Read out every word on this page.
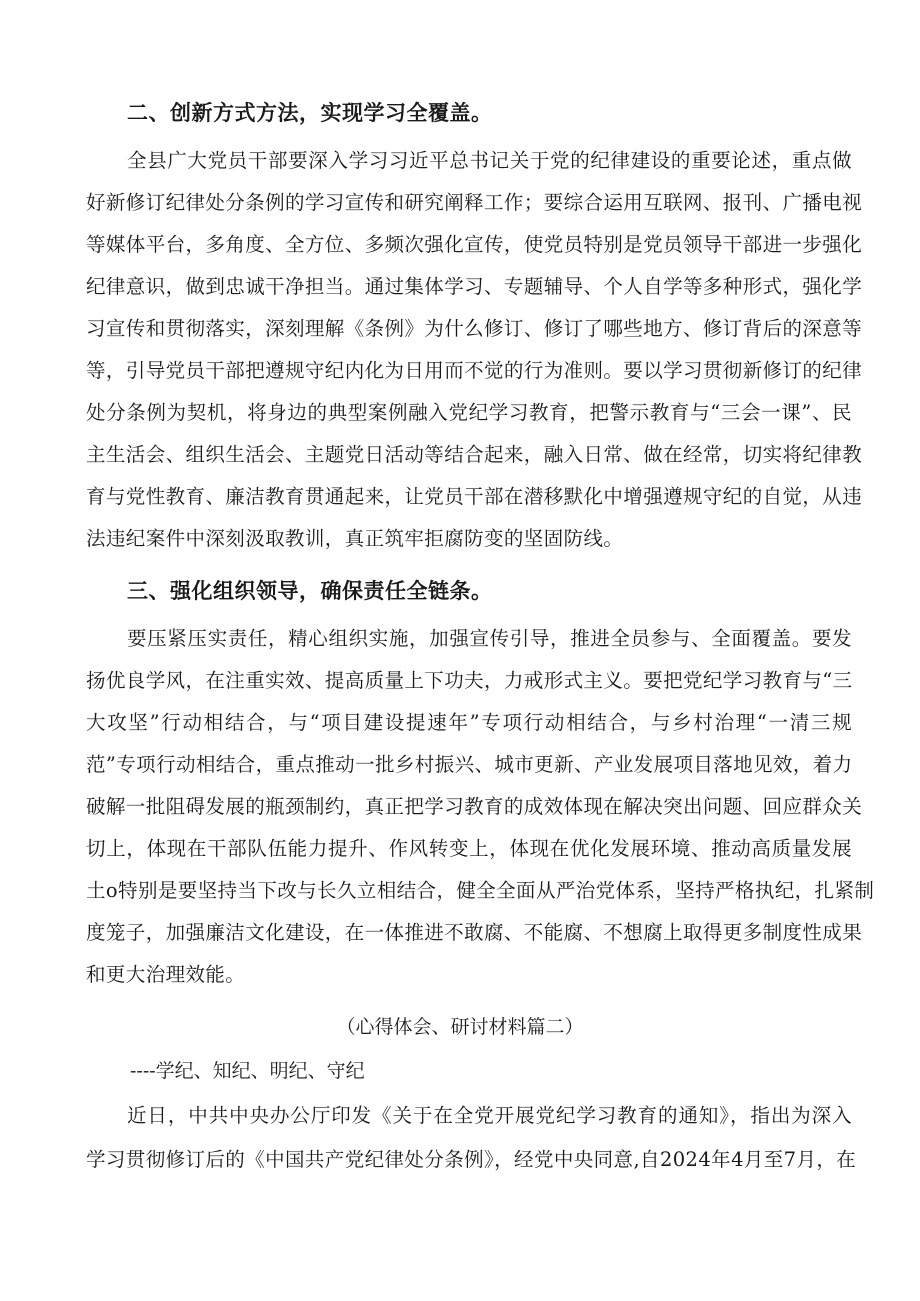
二、创新方式方法，实现学习全覆盖。
全县广大党员干部要深入学习习近平总书记关于党的纪律建设的重要论述，重点做
好新修订纪律处分条例的学习宣传和研究阐释工作；要综合运用互联网、报刊、广播电视
等媒体平台，多角度、全方位、多频次强化宣传，使党员特别是党员领导干部进一步强化
纪律意识，做到忠诚干净担当。通过集体学习、专题辅导、个人自学等多种形式，强化学
习宣传和贯彻落实，深刻理解《条例》为什么修订、修订了哪些地方、修订背后的深意等
等，引导党员干部把遵规守纪内化为日用而不觉的行为准则。要以学习贯彻新修订的纪律
处分条例为契机，将身边的典型案例融入党纪学习教育，把警示教育与“三会一课”、民
主生活会、组织生活会、主题党日活动等结合起来，融入日常、做在经常，切实将纪律教
育与党性教育、廉洁教育贯通起来，让党员干部在潜移默化中增强遵规守纪的自觉，从违
法违纪案件中深刻汲取教训，真正筑牢拒腐防变的坚固防线。
三、强化组织领导，确保责任全链条。
要压紧压实责任，精心组织实施，加强宣传引导，推进全员参与、全面覆盖。要发
扬优良学风，在注重实效、提高质量上下功夫，力戒形式主义。要把党纪学习教育与“三
大攻坚”行动相结合，与“项目建设提速年”专项行动相结合，与乡村治理“一清三规
范”专项行动相结合，重点推动一批乡村振兴、城市更新、产业发展项目落地见效，着力
破解一批阻碍发展的瓶颈制约，真正把学习教育的成效体现在解决突出问题、回应群众关
切上，体现在干部队伍能力提升、作风转变上，体现在优化发展环境、推动高质量发展
土o特别是要坚持当下改与长久立相结合，健全全面从严治党体系，坚持严格执纪，扎紧制
度笼子，加强廉洁文化建设，在一体推进不敢腐、不能腐、不想腐上取得更多制度性成果
和更大治理效能。
（心得体会、研讨材料篇二）
----学纪、知纪、明纪、守纪
近日，中共中央办公厅印发《关于在全党开展党纪学习教育的通知》，指出为深入
学习贯彻修订后的《中国共产党纪律处分条例》，经党中央同意,自2024年4月至7月，在
